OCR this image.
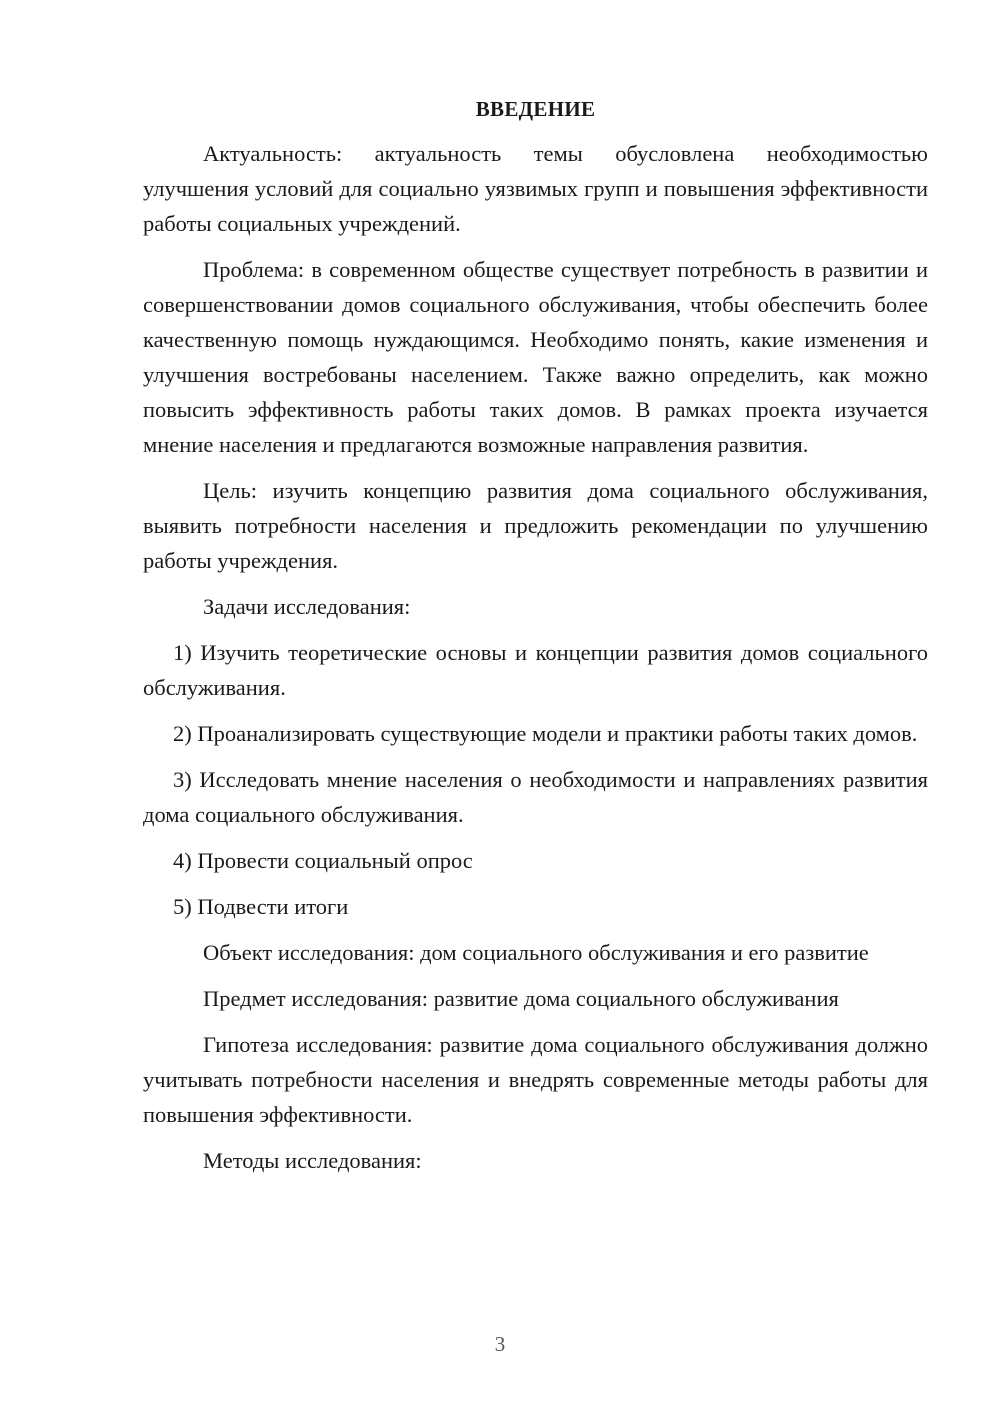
ВВЕДЕНИЕ

Актуальность: актуальность темы обусловлена необходимостью улучшения условий для социально уязвимых групп и повышения эффективности работы социальных учреждений.

Проблема: в современном обществе существует потребность в развитии и совершенствовании домов социального обслуживания, чтобы обеспечить более качественную помощь нуждающимся. Необходимо понять, какие изменения и улучшения востребованы населением. Также важно определить, как можно повысить эффективность работы таких домов. В рамках проекта изучается мнение населения и предлагаются возможные направления развития.

Цель: изучить концепцию развития дома социального обслуживания, выявить потребности населения и предложить рекомендации по улучшению работы учреждения.

Задачи исследования:

1) Изучить теоретические основы и концепции развития домов социального обслуживания.

2) Проанализировать существующие модели и практики работы таких домов.

3) Исследовать мнение населения о необходимости и направлениях развития дома социального обслуживания.

4) Провести социальный опрос

5) Подвести итоги

Объект исследования: дом социального обслуживания и его развитие

Предмет исследования: развитие дома социального обслуживания

Гипотеза исследования: развитие дома социального обслуживания должно учитывать потребности населения и внедрять современные методы работы для повышения эффективности.

Методы исследования:

3
